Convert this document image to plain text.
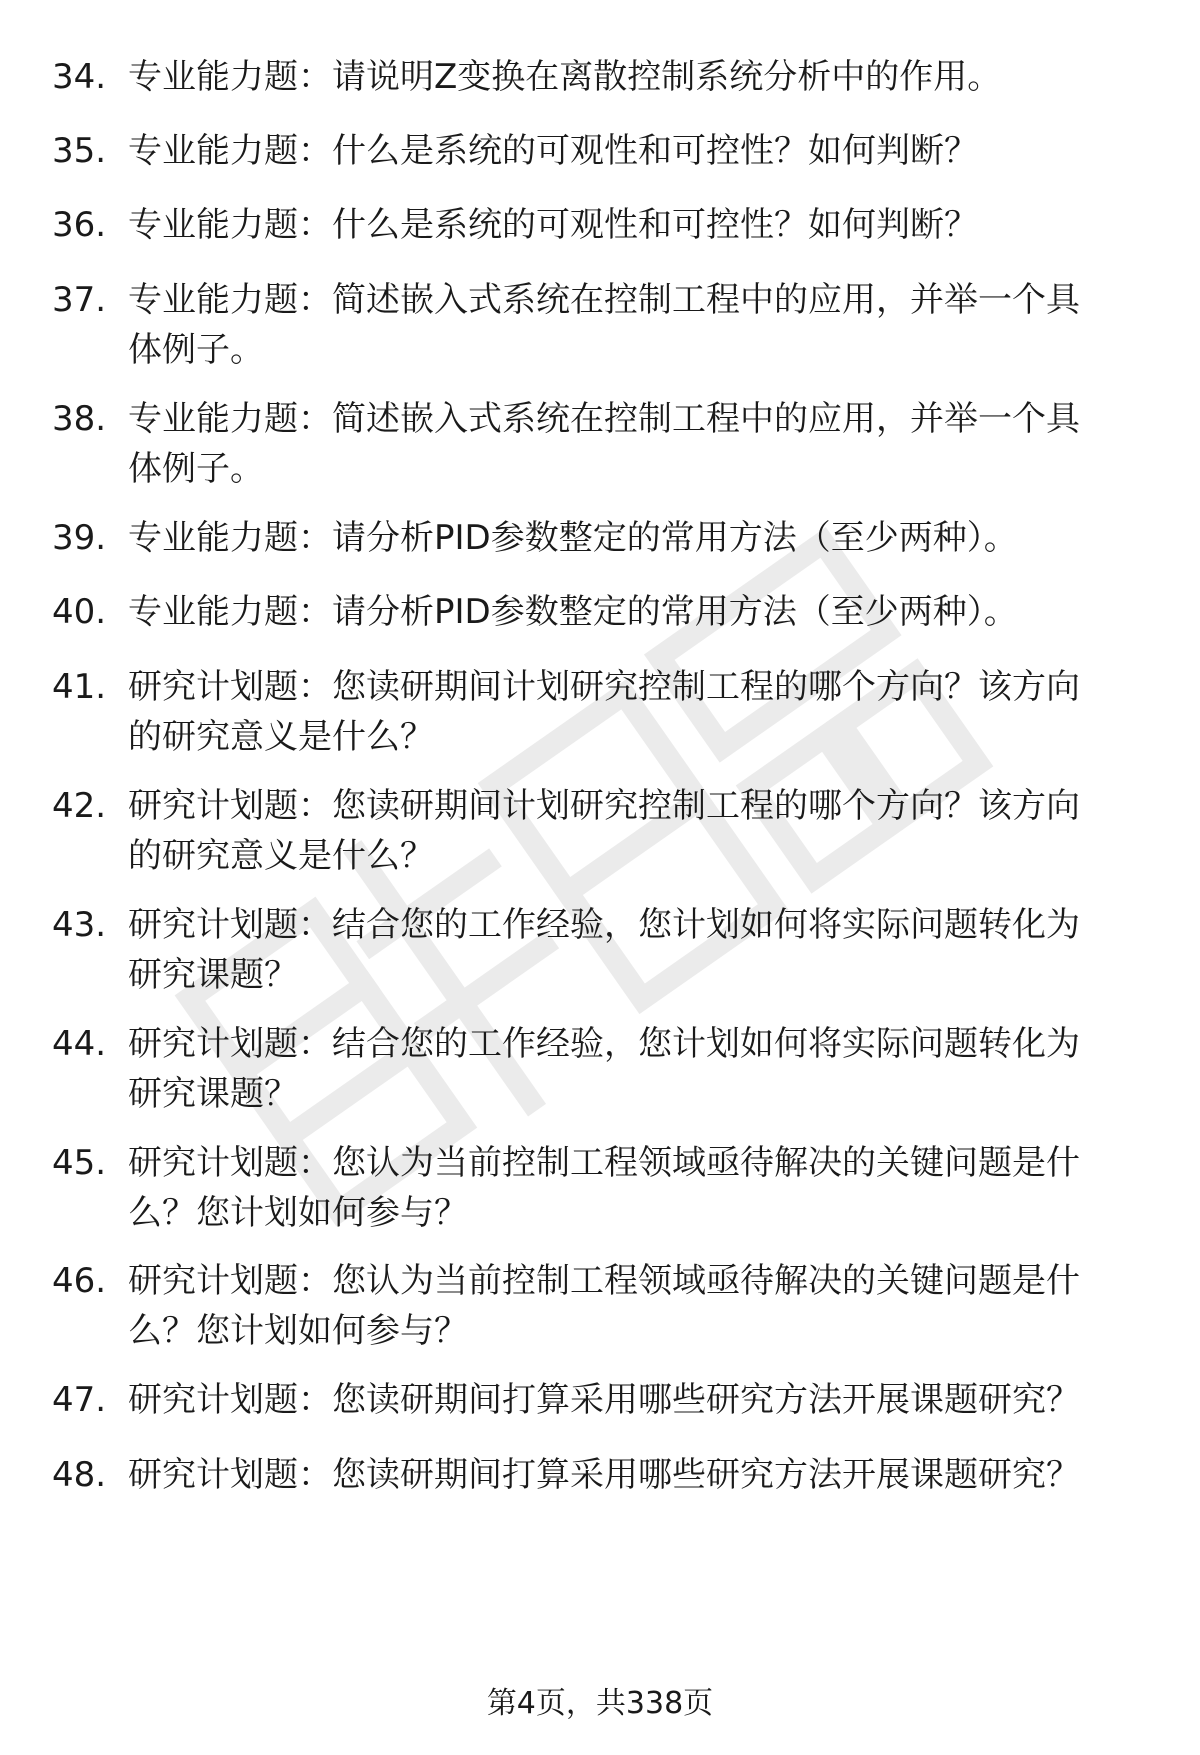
34. 专业能力题：请说明Z变换在离散控制系统分析中的作用。
35. 专业能力题：什么是系统的可观性和可控性？如何判断？
36. 专业能力题：什么是系统的可观性和可控性？如何判断？
37. 专业能力题：简述嵌入式系统在控制工程中的应用，并举一个具
体例子。
38. 专业能力题：简述嵌入式系统在控制工程中的应用，并举一个具
体例子。
39. 专业能力题：请分析PID参数整定的常用方法（至少两种）。
40. 专业能力题：请分析PID参数整定的常用方法（至少两种）。
41. 研究计划题：您读研期间计划研究控制工程的哪个方向？该方向
的研究意义是什么？
42. 研究计划题：您读研期间计划研究控制工程的哪个方向？该方向
的研究意义是什么？
43. 研究计划题：结合您的工作经验，您计划如何将实际问题转化为
研究课题？
44. 研究计划题：结合您的工作经验，您计划如何将实际问题转化为
研究课题？
45. 研究计划题：您认为当前控制工程领域亟待解决的关键问题是什
么？您计划如何参与？
46. 研究计划题：您认为当前控制工程领域亟待解决的关键问题是什
么？您计划如何参与？
47. 研究计划题：您读研期间打算采用哪些研究方法开展课题研究？
48. 研究计划题：您读研期间打算采用哪些研究方法开展课题研究？
第4页，共338页
